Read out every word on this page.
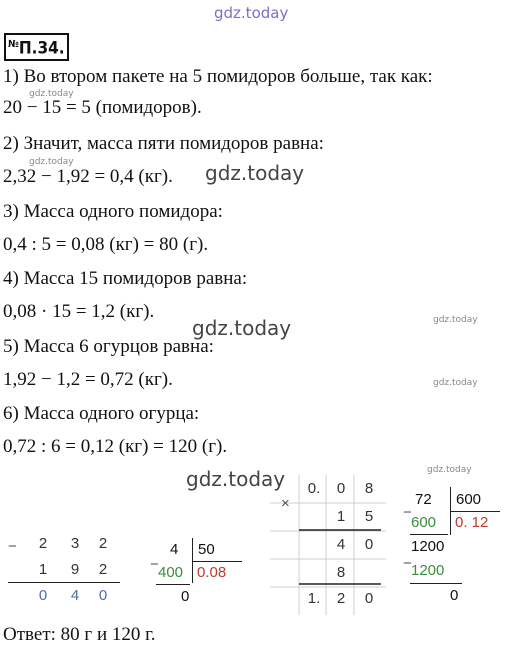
gdz.today
№П.34.
1) Во втором пакете на 5 помидоров больше, так как:
20 − 15 = 5 (помидоров).
2) Значит, масса пяти помидоров равна:
2,32 − 1,92 = 0,4 (кг).
3) Масса одного помидора:
0,4 : 5 = 0,08 (кг) = 80 (г).
4) Масса 15 помидоров равна:
0,08 · 15 = 1,2 (кг).
5) Масса 6 огурцов равна:
1,92 − 1,2 = 0,72 (кг).
6) Масса одного огурца:
0,72 : 6 = 0,12 (кг) = 120 (г).
gdz.today
gdz.today
gdz.today
gdz.today
gdz.today
gdz.today
gdz.today
gdz.today
−	2	3	2
1	9	2
0	4	0
4 50
− 400 0.08
0
×
0.	0	8
1	5
4	0
8
1.	2	0
72 600
−
600 0. 12
1200
− 1200
0
Ответ: 80 г и 120 г.
